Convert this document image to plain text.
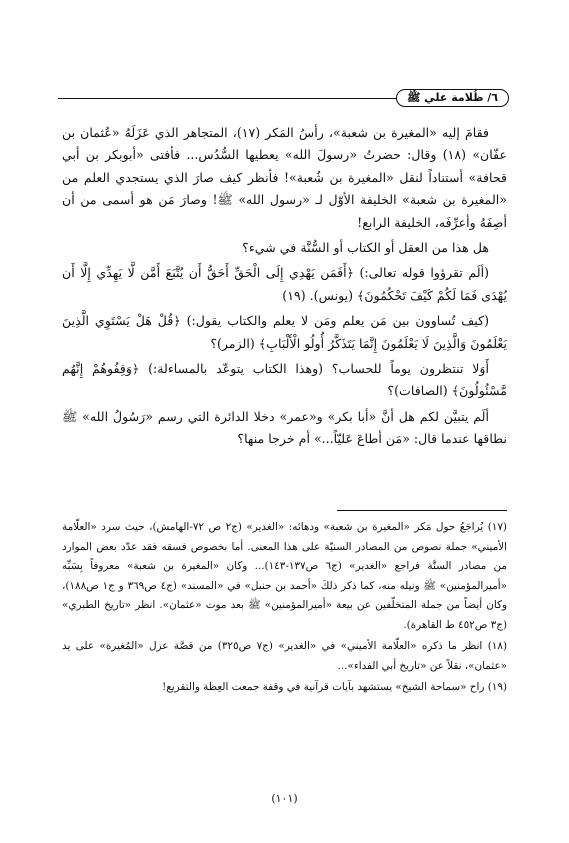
٦/ ظُلامة علي ﷺ

فقامَ إليه «المغيرة بن شعبة»، رأسُ المَكر (١٧)، المتجاهر الذي عَزَلَهُ «عُثمان بن عفّان» (١٨) وقال: حضرتُ «رسولَ الله» يعطيها السُّدُس... فأفتى «أبوبكر بن أبي قحافة» أستناداً لنقل «المغيرة بن شُعبة»! فأنظر كيف صارَ الذي يستجدي العلم من «المغيرة بن شعبة» الخليفة الأوّل لـ «رسول الله» ﷺ! وصارَ مَن هو أسمى من أن أصِفَهُ وأعرِّفَه، الخليفة الرابع!

هل هذا من العقل أو الكتاب أو السُّنَّة في شيء؟

(ألَم تقرؤوا قوله تعالى:) ﴿أَفَمَن يَهْدِي إِلَى الْحَقِّ أَحَقُّ أَن يُتَّبَعَ أَمَّن لَّا يَهِدِّي إِلَّا أَن يُهْدَى فَمَا لَكُمْ كَيْفَ تَحْكُمُونَ﴾ (يونس). (١٩)

(كيف تُساوون بين مَن يعلم ومَن لا يعلم والكتاب يقول:) ﴿قُلْ هَلْ يَسْتَوِي الَّذِينَ يَعْلَمُونَ وَالَّذِينَ لَا يَعْلَمُونَ إِنَّمَا يَتَذَكَّرُ أُولُو الْأَلْبَابِ﴾ (الزمر)؟

أَوَلا تنتظرون يوماً للحساب؟ (وهذا الكتاب يتوعّد بالمساءلة:) ﴿وَقِفُوهُمْ إِنَّهُم مَّسْئُولُونَ﴾ (الصافات)؟

ألَم يتبيَّن لكم هل أنَّ «أبا بكر» و«عمر» دخلا الدائرة التي رسم «رَسُولُ الله» ﷺ نطاقها عندما قال: «مَن أطاعَ عَليّاً...» أم خرجا منها؟

(١٧) يُراجَعُ حول مَكر «المغيرة بن شعبة» ودهائه: «الغدير» (ج٢ ص ٧٢-الهامش)، حيث سرد «العلّامة الأميني» جملة نصوص من المصادر السنيّة على هذا المعنى. أما بخصوص فسقه فقد عدّد بعض الموارد من مصادر السنَّة فراجع «الغدير» (ج٦ ص١٣٧-١٤٣)... وكان «المغيرة بن شعبة» معروفاً بِسَبِّه «أميرالمؤمنين» ﷺ ونيله منه، كما ذكر ذلكَ «أحمد بن حنبل» في «المسند» (ج٤ ص٣٦٩ و ج١ ص١٨٨)، وكان أيضاً من جملة المتخلّفين عن بيعة «أميرالمؤمنين» ﷺ بعد موت «عثمان». انظر «تاريخ الطبري» (ج٣ ص٤٥٢ ط القاهرة).

(١٨) انظر ما ذكره «العلّامة الأميني» في «الغدير» (ج٧ ص٣٢٥) من قصَّة عزل «المُغيرة» على يد «عثمان»، نقلاً عن «تاريخ أبي الفداء»...

(١٩) راح «سماحة الشيخ» يستشهد بآيات قرآنية في وقفة جمعت العِظة والتقريع!

(١٠١)
